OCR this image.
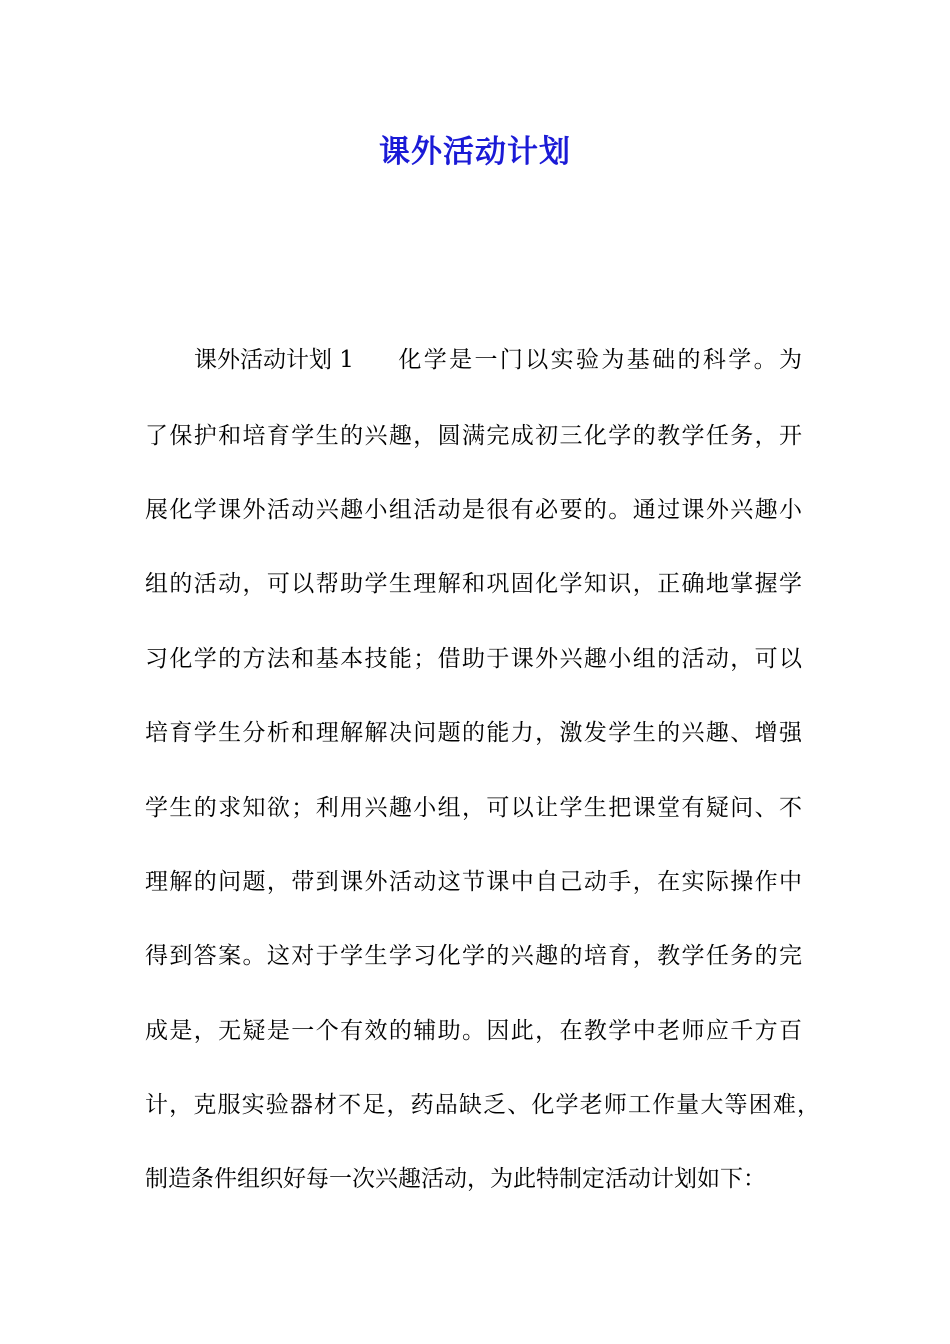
课外活动计划
课外活动计划 1 化学是一门以实验为基础的科学。为
了保护和培育学生的兴趣，圆满完成初三化学的教学任务，开
展化学课外活动兴趣小组活动是很有必要的。通过课外兴趣小
组的活动，可以帮助学生理解和巩固化学知识，正确地掌握学
习化学的方法和基本技能；借助于课外兴趣小组的活动，可以
培育学生分析和理解解决问题的能力，激发学生的兴趣、增强
学生的求知欲；利用兴趣小组，可以让学生把课堂有疑问、不
理解的问题，带到课外活动这节课中自己动手，在实际操作中
得到答案。这对于学生学习化学的兴趣的培育，教学任务的完
成是，无疑是一个有效的辅助。因此，在教学中老师应千方百
计，克服实验器材不足，药品缺乏、化学老师工作量大等困难，
制造条件组织好每一次兴趣活动，为此特制定活动计划如下：
